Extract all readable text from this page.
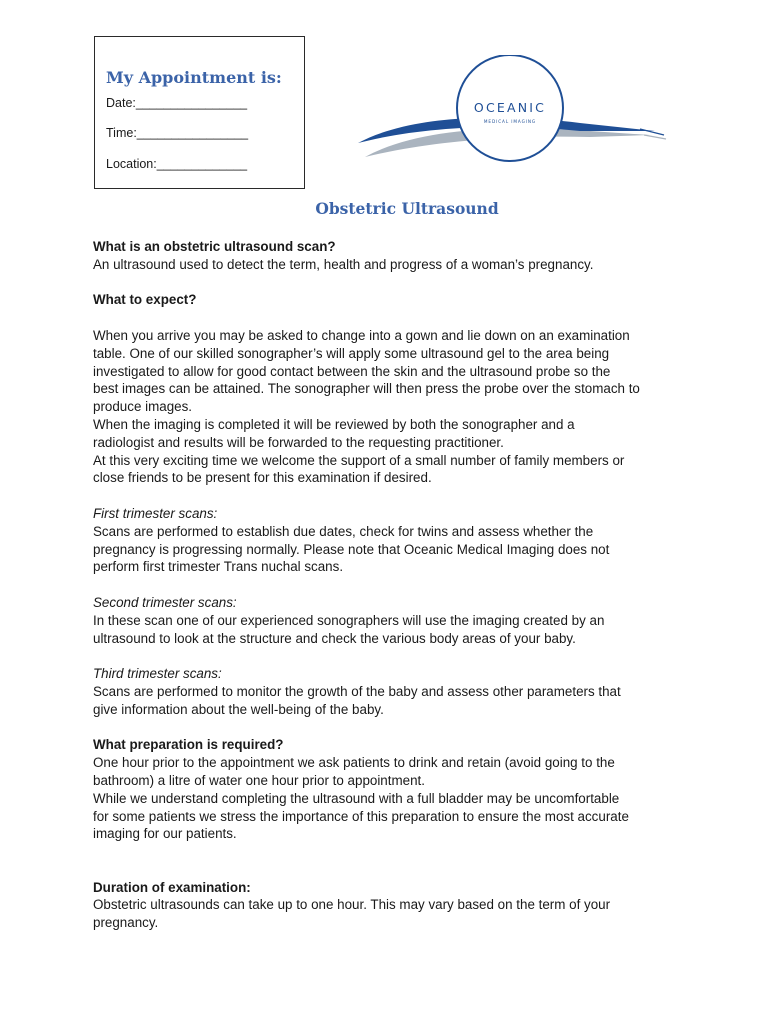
My Appointment is:
Date:________________
Time:________________
Location:_____________
OCEANIC
MEDICAL IMAGING
Obstetric Ultrasound

What is an obstetric ultrasound scan?

An ultrasound used to detect the term, health and progress of a woman’s pregnancy.

What to expect?

When you arrive you may be asked to change into a gown and lie down on an examination

table. One of our skilled sonographer’s will apply some ultrasound gel to the area being

investigated to allow for good contact between the skin and the ultrasound probe so the

best images can be attained. The sonographer will then press the probe over the stomach to

produce images.

When the imaging is completed it will be reviewed by both the sonographer and a

radiologist and results will be forwarded to the requesting practitioner.

At this very exciting time we welcome the support of a small number of family members or

close friends to be present for this examination if desired.

First trimester scans:

Scans are performed to establish due dates, check for twins and assess whether the

pregnancy is progressing normally. Please note that Oceanic Medical Imaging does not

perform first trimester Trans nuchal scans.

Second trimester scans:

In these scan one of our experienced sonographers will use the imaging created by an

ultrasound to look at the structure and check the various body areas of your baby.

Third trimester scans:

Scans are performed to monitor the growth of the baby and assess other parameters that

give information about the well-being of the baby.

What preparation is required?

One hour prior to the appointment we ask patients to drink and retain (avoid going to the

bathroom) a litre of water one hour prior to appointment.

While we understand completing the ultrasound with a full bladder may be uncomfortable

for some patients we stress the importance of this preparation to ensure the most accurate

imaging for our patients.

Duration of examination:

Obstetric ultrasounds can take up to one hour. This may vary based on the term of your

pregnancy.
